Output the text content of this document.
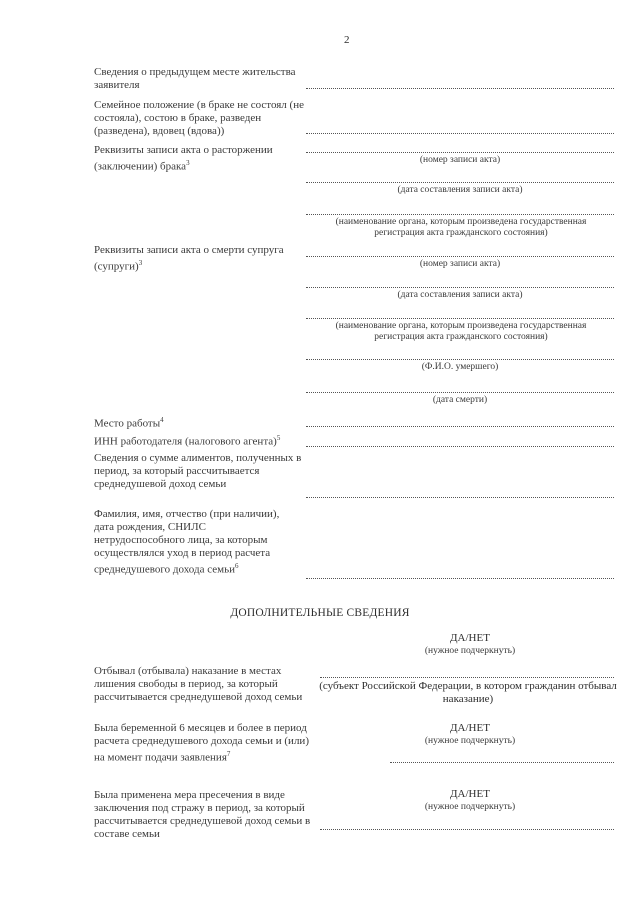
2
Сведения о предыдущем месте жительства заявителя
Семейное положение (в браке не состоял (не состояла), состою в браке, разведен (разведена), вдовец (вдова))
Реквизиты записи акта о расторжении (заключении) брака$^3$	(номер записи акта)
(дата составления записи акта)
(наименование органа, которым произведена государственная регистрация акта гражданского состояния)
Реквизиты записи акта о смерти супруга (супруги)$^3$	(номер записи акта)
(дата составления записи акта)
(наименование органа, которым произведена государственная регистрация акта гражданского состояния)
(Ф.И.О. умершего)
(дата смерти)
Место работы$^4$
ИНН работодателя (налогового агента)$^5$
Сведения о сумме алиментов, полученных в период, за который рассчитывается среднедушевой доход семьи
Фамилия, имя, отчество (при наличии), дата рождения, СНИЛС нетрудоспособного лица, за которым осуществлялся уход в период расчета среднедушевого дохода семьи$^6$
ДОПОЛНИТЕЛЬНЫЕ СВЕДЕНИЯ
ДА/НЕТ
(нужное подчеркнуть)
Отбывал (отбывала) наказание в местах лишения свободы в период, за который рассчитывается среднедушевой доход семьи
(субъект Российской Федерации, в котором гражданин отбывал наказание)
ДА/НЕТ
(нужное подчеркнуть)
Была беременной 6 месяцев и более в период расчета среднедушевого дохода семьи и (или) на момент подачи заявления$^7$
ДА/НЕТ
(нужное подчеркнуть)
Была применена мера пресечения в виде заключения под стражу в период, за который рассчитывается среднедушевой доход семьи в составе семьи
